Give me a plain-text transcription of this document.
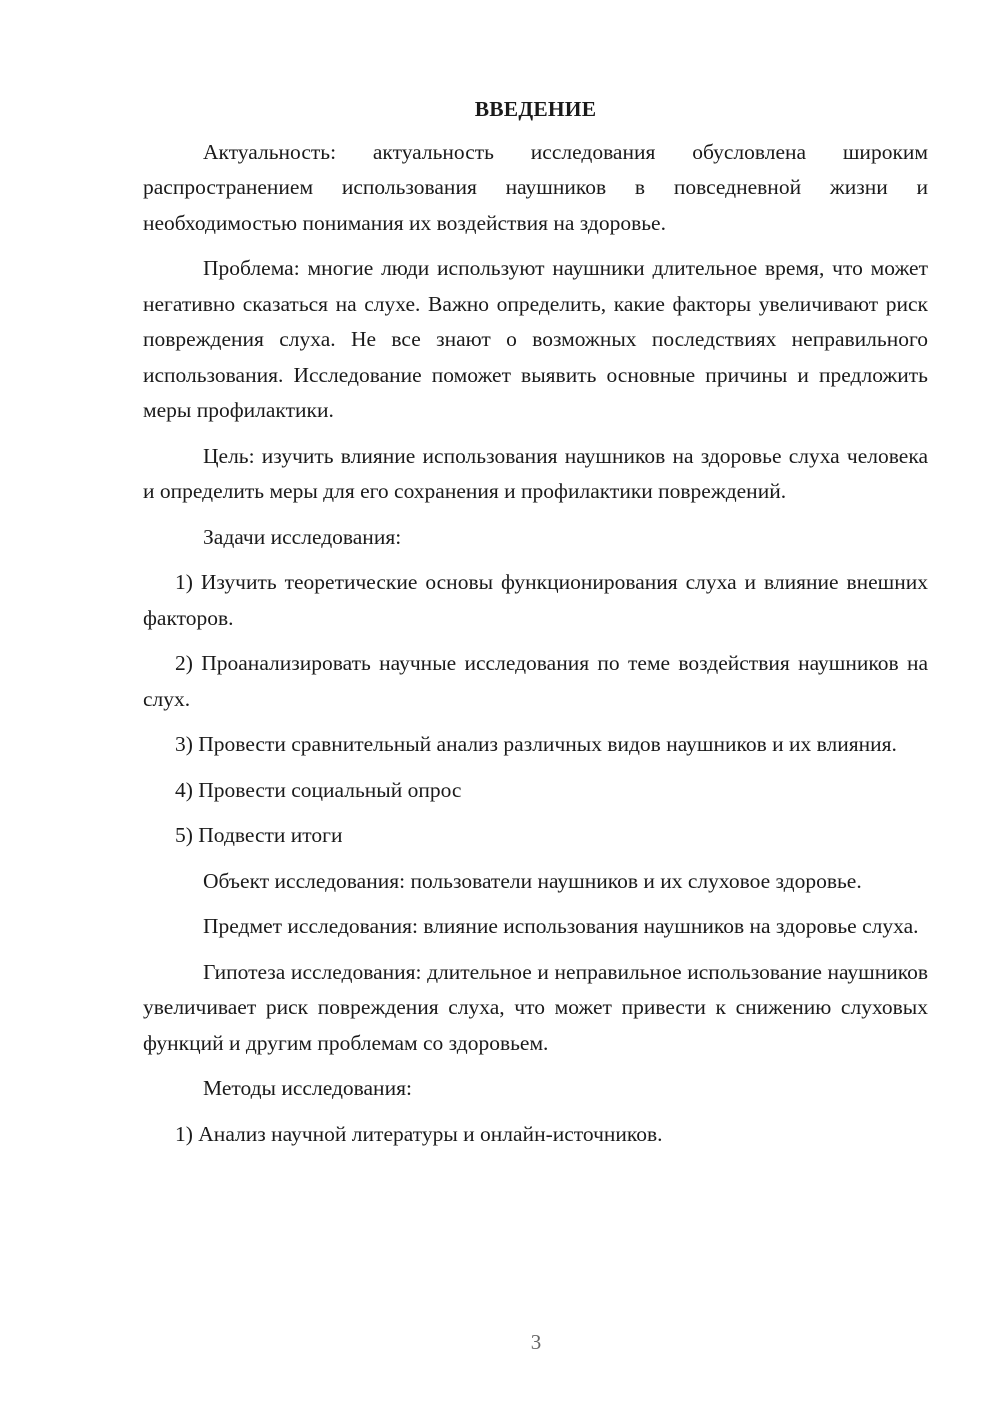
ВВЕДЕНИЕ
Актуальность: актуальность исследования обусловлена широким распространением использования наушников в повседневной жизни и необходимостью понимания их воздействия на здоровье.
Проблема: многие люди используют наушники длительное время, что может негативно сказаться на слухе. Важно определить, какие факторы увеличивают риск повреждения слуха. Не все знают о возможных последствиях неправильного использования. Исследование поможет выявить основные причины и предложить меры профилактики.
Цель: изучить влияние использования наушников на здоровье слуха человека и определить меры для его сохранения и профилактики повреждений.
Задачи исследования:
1) Изучить теоретические основы функционирования слуха и влияние внешних факторов.
2) Проанализировать научные исследования по теме воздействия наушников на слух.
3) Провести сравнительный анализ различных видов наушников и их влияния.
4) Провести социальный опрос
5) Подвести итоги
Объект исследования: пользователи наушников и их слуховое здоровье.
Предмет исследования: влияние использования наушников на здоровье слуха.
Гипотеза исследования: длительное и неправильное использование наушников увеличивает риск повреждения слуха, что может привести к снижению слуховых функций и другим проблемам со здоровьем.
Методы исследования:
1) Анализ научной литературы и онлайн-источников.
3
